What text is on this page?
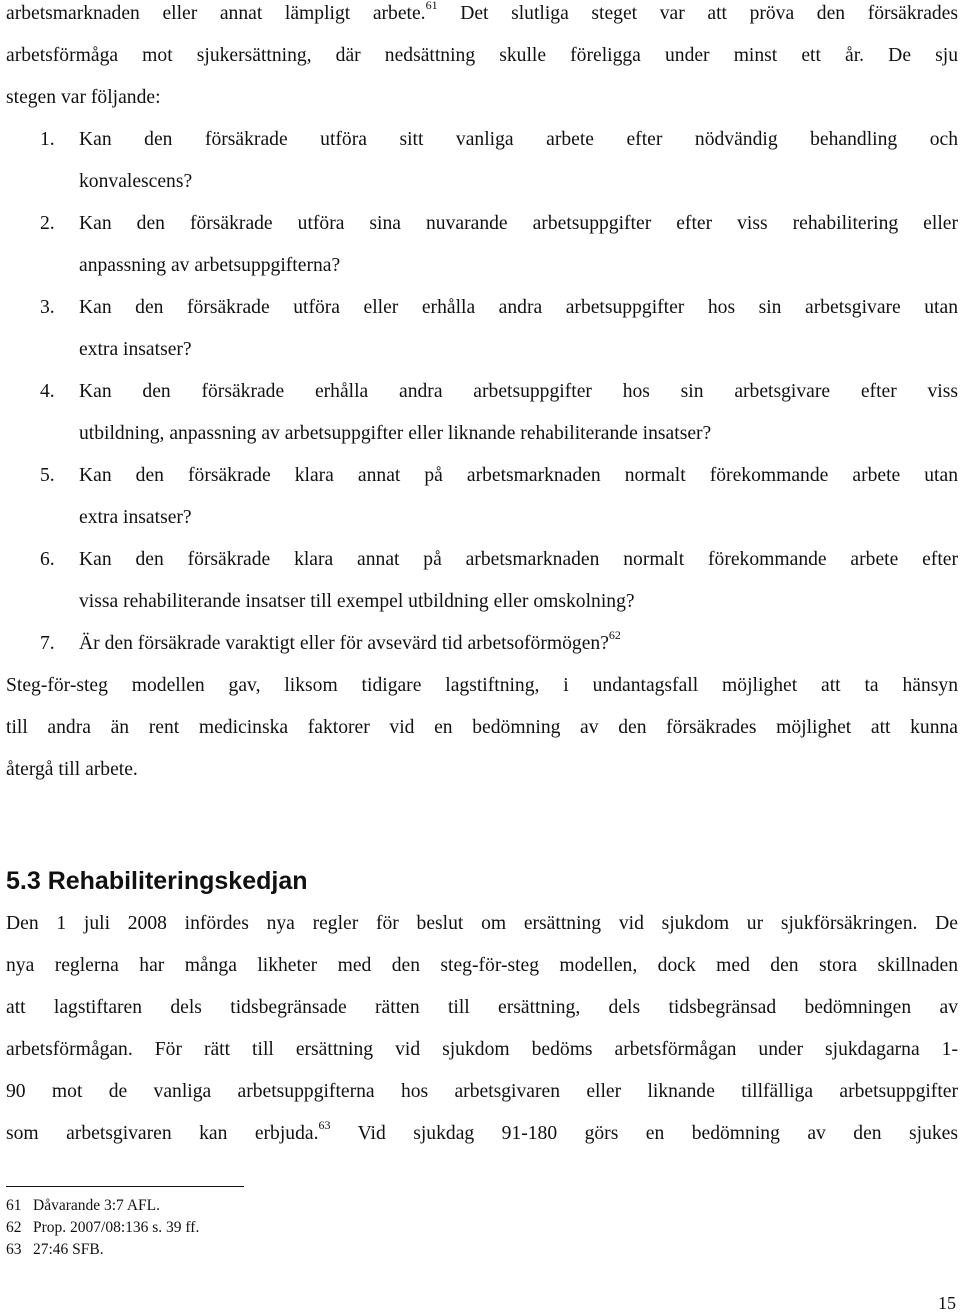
arbetsmarknaden eller annat lämpligt arbete.$^{61}$ Det slutliga steget var att pröva den försäkrades
arbetsförmåga mot sjukersättning, där nedsättning skulle föreligga under minst ett år. De sju
stegen var följande:
1. Kan den försäkrade utföra sitt vanliga arbete efter nödvändig behandling och
konvalescens?
2. Kan den försäkrade utföra sina nuvarande arbetsuppgifter efter viss rehabilitering eller
anpassning av arbetsuppgifterna?
3. Kan den försäkrade utföra eller erhålla andra arbetsuppgifter hos sin arbetsgivare utan
extra insatser?
4. Kan den försäkrade erhålla andra arbetsuppgifter hos sin arbetsgivare efter viss
utbildning, anpassning av arbetsuppgifter eller liknande rehabiliterande insatser?
5. Kan den försäkrade klara annat på arbetsmarknaden normalt förekommande arbete utan
extra insatser?
6. Kan den försäkrade klara annat på arbetsmarknaden normalt förekommande arbete efter
vissa rehabiliterande insatser till exempel utbildning eller omskolning?
7. Är den försäkrade varaktigt eller för avsevärd tid arbetsoförmögen?$^{62}$
Steg-för-steg modellen gav, liksom tidigare lagstiftning, i undantagsfall möjlighet att ta hänsyn
till andra än rent medicinska faktorer vid en bedömning av den försäkrades möjlighet att kunna
återgå till arbete.
5.3 Rehabiliteringskedjan
Den 1 juli 2008 infördes nya regler för beslut om ersättning vid sjukdom ur sjukförsäkringen. De
nya reglerna har många likheter med den steg-för-steg modellen, dock med den stora skillnaden
att lagstiftaren dels tidsbegränsade rätten till ersättning, dels tidsbegränsad bedömningen av
arbetsförmågan. För rätt till ersättning vid sjukdom bedöms arbetsförmågan under sjukdagarna 1-
90 mot de vanliga arbetsuppgifterna hos arbetsgivaren eller liknande tillfälliga arbetsuppgifter
som arbetsgivaren kan erbjuda.$^{63}$ Vid sjukdag 91-180 görs en bedömning av den sjukes
61 Dåvarande 3:7 AFL.
62 Prop. 2007/08:136 s. 39 ff.
63 27:46 SFB.
15
